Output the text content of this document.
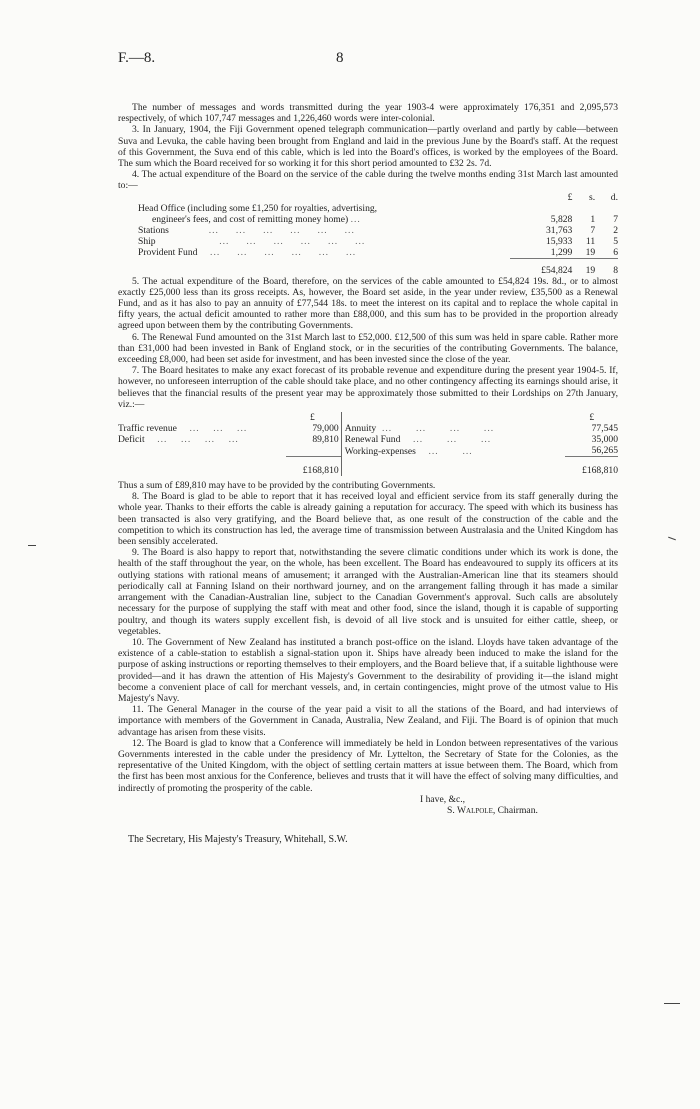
F.—8.	8

The number of messages and words transmitted during the year 1903-4 were approximately 176,351 and 2,095,573 respectively, of which 107,747 messages and 1,226,460 words were inter-colonial.

3. In January, 1904, the Fiji Government opened telegraph communication—partly overland and partly by cable—between Suva and Levuka, the cable having been brought from England and laid in the previous June by the Board's staff. At the request of this Government, the Suva end of this cable, which is led into the Board's offices, is worked by the employees of the Board. The sum which the Board received for so working it for this short period amounted to £32 2s. 7d.

4. The actual expenditure of the Board on the service of the cable during the twelve months ending 31st March last amounted to:—

	£	s.	d.
Head Office (including some £1,250 for royalties, advertising,			
engineer's fees, and cost of remitting money home) ...	5,828	1	7
Stations            ...     ...     ...     ...     ...     ...	31,763	7	2
Ship                   ...     ...     ...     ...     ...     ...	15,933	11	5
Provident Fund    ...     ...     ...     ...     ...     ...	1,299	19	6
	£54,824	19	8

5. The actual expenditure of the Board, therefore, on the services of the cable amounted to £54,824 19s. 8d., or to almost exactly £25,000 less than its gross receipts. As, however, the Board set aside, in the year under review, £35,500 as a Renewal Fund, and as it has also to pay an annuity of £77,544 18s. to meet the interest on its capital and to replace the whole capital in fifty years, the actual deficit amounted to rather more than £88,000, and this sum has to be provided in the proportion already agreed upon between them by the contributing Governments.

6. The Renewal Fund amounted on the 31st March last to £52,000. £12,500 of this sum was held in spare cable. Rather more than £31,000 had been invested in Bank of England stock, or in the securities of the contributing Governments. The balance, exceeding £8,000, had been set aside for investment, and has been invested since the close of the year.

7. The Board hesitates to make any exact forecast of its probable revenue and expenditure during the present year 1904-5. If, however, no unforeseen interruption of the cable should take place, and no other contingency affecting its earnings should arise, it believes that the financial results of the present year may be approximately those submitted to their Lordships on 27th January, viz.:—

	£		£
Traffic revenue    ...    ...    ...	79,000	Annuity  ...       ...       ...       ...	77,545
Deficit    ...    ...    ...    ...	89,810	Renewal Fund    ...       ...       ...	35,000
		Working-expenses    ...       ...	56,265
	£168,810		£168,810

Thus a sum of £89,810 may have to be provided by the contributing Governments.

8. The Board is glad to be able to report that it has received loyal and efficient service from its staff generally during the whole year. Thanks to their efforts the cable is already gaining a reputation for accuracy. The speed with which its business has been transacted is also very gratifying, and the Board believe that, as one result of the construction of the cable and the competition to which its construction has led, the average time of transmission between Australasia and the United Kingdom has been sensibly accelerated.

9. The Board is also happy to report that, notwithstanding the severe climatic conditions under which its work is done, the health of the staff throughout the year, on the whole, has been excellent. The Board has endeavoured to supply its officers at its outlying stations with rational means of amusement; it arranged with the Australian-American line that its steamers should periodically call at Fanning Island on their northward journey, and on the arrangement falling through it has made a similar arrangement with the Canadian-Australian line, subject to the Canadian Government's approval. Such calls are absolutely necessary for the purpose of supplying the staff with meat and other food, since the island, though it is capable of supporting poultry, and though its waters supply excellent fish, is devoid of all live stock and is unsuited for either cattle, sheep, or vegetables.

10. The Government of New Zealand has instituted a branch post-office on the island. Lloyds have taken advantage of the existence of a cable-station to establish a signal-station upon it. Ships have already been induced to make the island for the purpose of asking instructions or reporting themselves to their employers, and the Board believe that, if a suitable lighthouse were provided—and it has drawn the attention of His Majesty's Government to the desirability of providing it—the island might become a convenient place of call for merchant vessels, and, in certain contingencies, might prove of the utmost value to His Majesty's Navy.

11. The General Manager in the course of the year paid a visit to all the stations of the Board, and had interviews of importance with members of the Government in Canada, Australia, New Zealand, and Fiji. The Board is of opinion that much advantage has arisen from these visits.

12. The Board is glad to know that a Conference will immediately be held in London between representatives of the various Governments interested in the cable under the presidency of Mr. Lyttelton, the Secretary of State for the Colonies, as the representative of the United Kingdom, with the object of settling certain matters at issue between them. The Board, which from the first has been most anxious for the Conference, believes and trusts that it will have the effect of solving many difficulties, and indirectly of promoting the prosperity of the cable.

I have, &c.,
S. Walpole, Chairman.
The Secretary, His Majesty's Treasury, Whitehall, S.W.
